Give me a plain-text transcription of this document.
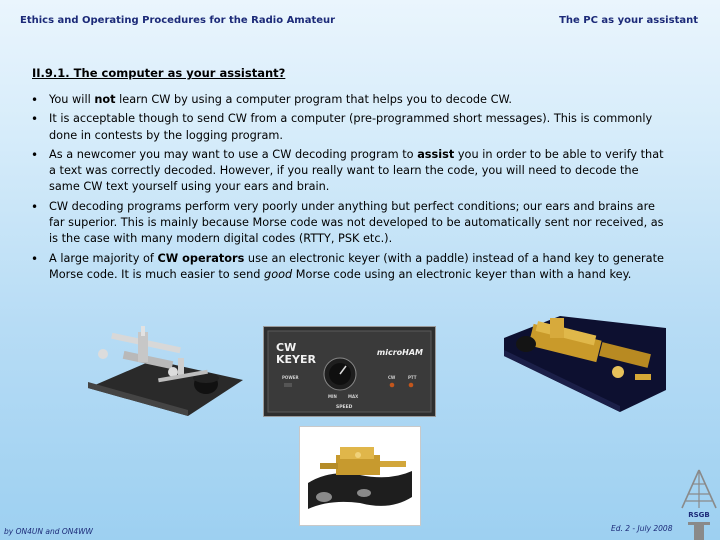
Ethics and Operating Procedures for the Radio Amateur	The PC as your assistant
II.9.1. The computer as your assistant?
• You will not learn CW by using a computer program that helps you to decode CW.
• It is acceptable though to send CW from a computer (pre-programmed short messages). This is commonly done in contests by the logging program.
• As a newcomer you may want to use a CW decoding program to assist you in order to be able to verify that a text was correctly decoded. However, if you really want to learn the code, you will need to decode the same CW text yourself using your ears and brain.
• CW decoding programs perform very poorly under anything but perfect conditions; our ears and brains are far superior. This is mainly because Morse code was not developed to be automatically sent nor received, as is the case with many modern digital codes (RTTY, PSK etc.).
• A large majority of CW operators use an electronic keyer (with a paddle) instead of a hand key to generate Morse code. It is much easier to send good Morse code using an electronic keyer than with a hand key.
CW
KEYER
microHAM
POWER	CW	PTT
MIN	MAX
SPEED
by ON4UN and ON4WW	Ed. 2 - July 2008
RSGB
